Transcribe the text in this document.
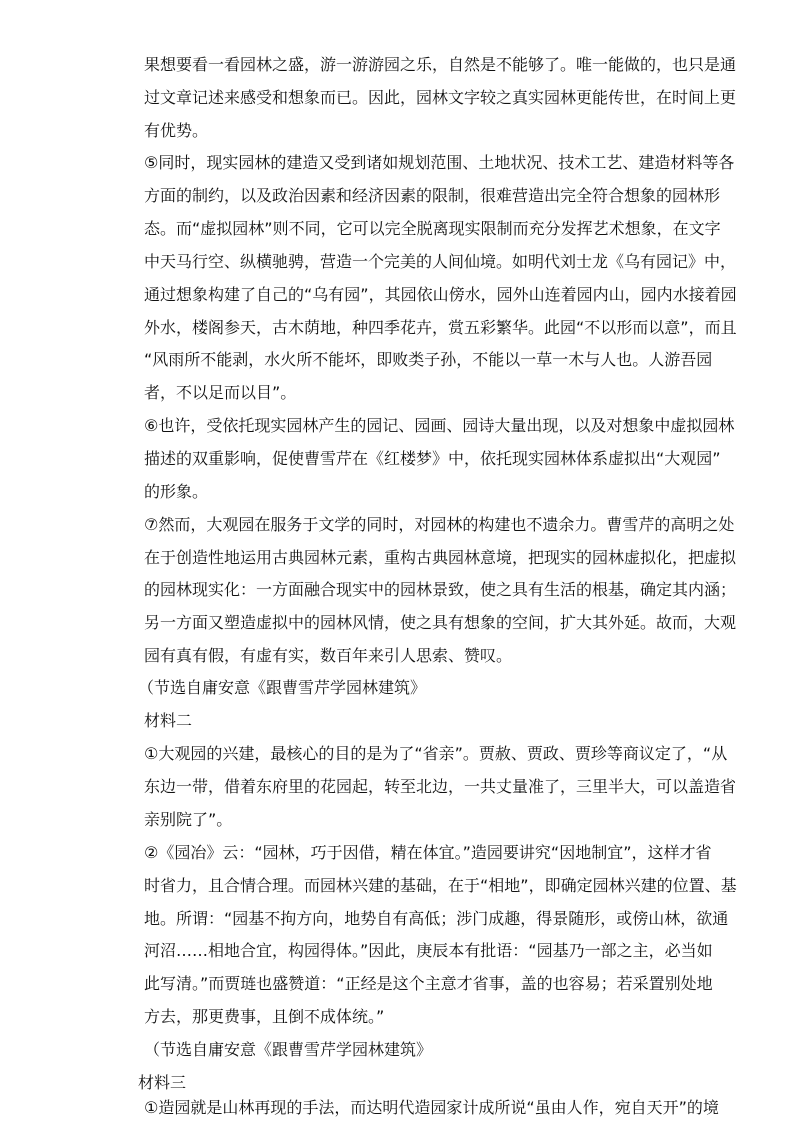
果想要看一看园林之盛，游一游游园之乐，自然是不能够了。唯一能做的，也只是通
过文章记述来感受和想象而已。因此，园林文字较之真实园林更能传世，在时间上更
有优势。
⑤同时，现实园林的建造又受到诸如规划范围、土地状况、技术工艺、建造材料等各
方面的制约，以及政治因素和经济因素的限制，很难营造出完全符合想象的园林形
态。而“虚拟园林”则不同，它可以完全脱离现实限制而充分发挥艺术想象，在文字
中天马行空、纵横驰骋，营造一个完美的人间仙境。如明代刘士龙《乌有园记》中，
通过想象构建了自己的“乌有园”，其园依山傍水，园外山连着园内山，园内水接着园
外水，楼阁参天，古木荫地，种四季花卉，赏五彩繁华。此园“不以形而以意”，而且
“风雨所不能剥，水火所不能坏，即败类子孙，不能以一草一木与人也。人游吾园
者，不以足而以目”。
⑥也许，受依托现实园林产生的园记、园画、园诗大量出现，以及对想象中虚拟园林
描述的双重影响，促使曹雪芹在《红楼梦》中，依托现实园林体系虚拟出“大观园”
的形象。
⑦然而，大观园在服务于文学的同时，对园林的构建也不遗余力。曹雪芹的高明之处
在于创造性地运用古典园林元素，重构古典园林意境，把现实的园林虚拟化，把虚拟
的园林现实化：一方面融合现实中的园林景致，使之具有生活的根基，确定其内涵；
另一方面又塑造虚拟中的园林风情，使之具有想象的空间，扩大其外延。故而，大观
园有真有假，有虚有实，数百年来引人思索、赞叹。
（节选自庸安意《跟曹雪芹学园林建筑》
材料二
①大观园的兴建，最核心的目的是为了“省亲”。贾赦、贾政、贾珍等商议定了，“从
东边一带，借着东府里的花园起，转至北边，一共丈量准了，三里半大，可以盖造省
亲别院了”。
②《园冶》云：“园林，巧于因借，精在体宜。”造园要讲究“因地制宜”，这样才省
时省力，且合情合理。而园林兴建的基础，在于“相地”，即确定园林兴建的位置、基
地。所谓：“园基不拘方向，地势自有高低；涉门成趣，得景随形，或傍山林，欲通
河沼……相地合宜，构园得体。”因此，庚辰本有批语：“园基乃一部之主，必当如
此写清。”而贾琏也盛赞道：“正经是这个主意才省事，盖的也容易；若采置别处地
方去，那更费事，且倒不成体统。”
（节选自庸安意《跟曹雪芹学园林建筑》
材料三
①造园就是山林再现的手法，而达明代造园家计成所说“虽由人作，宛自天开”的境
